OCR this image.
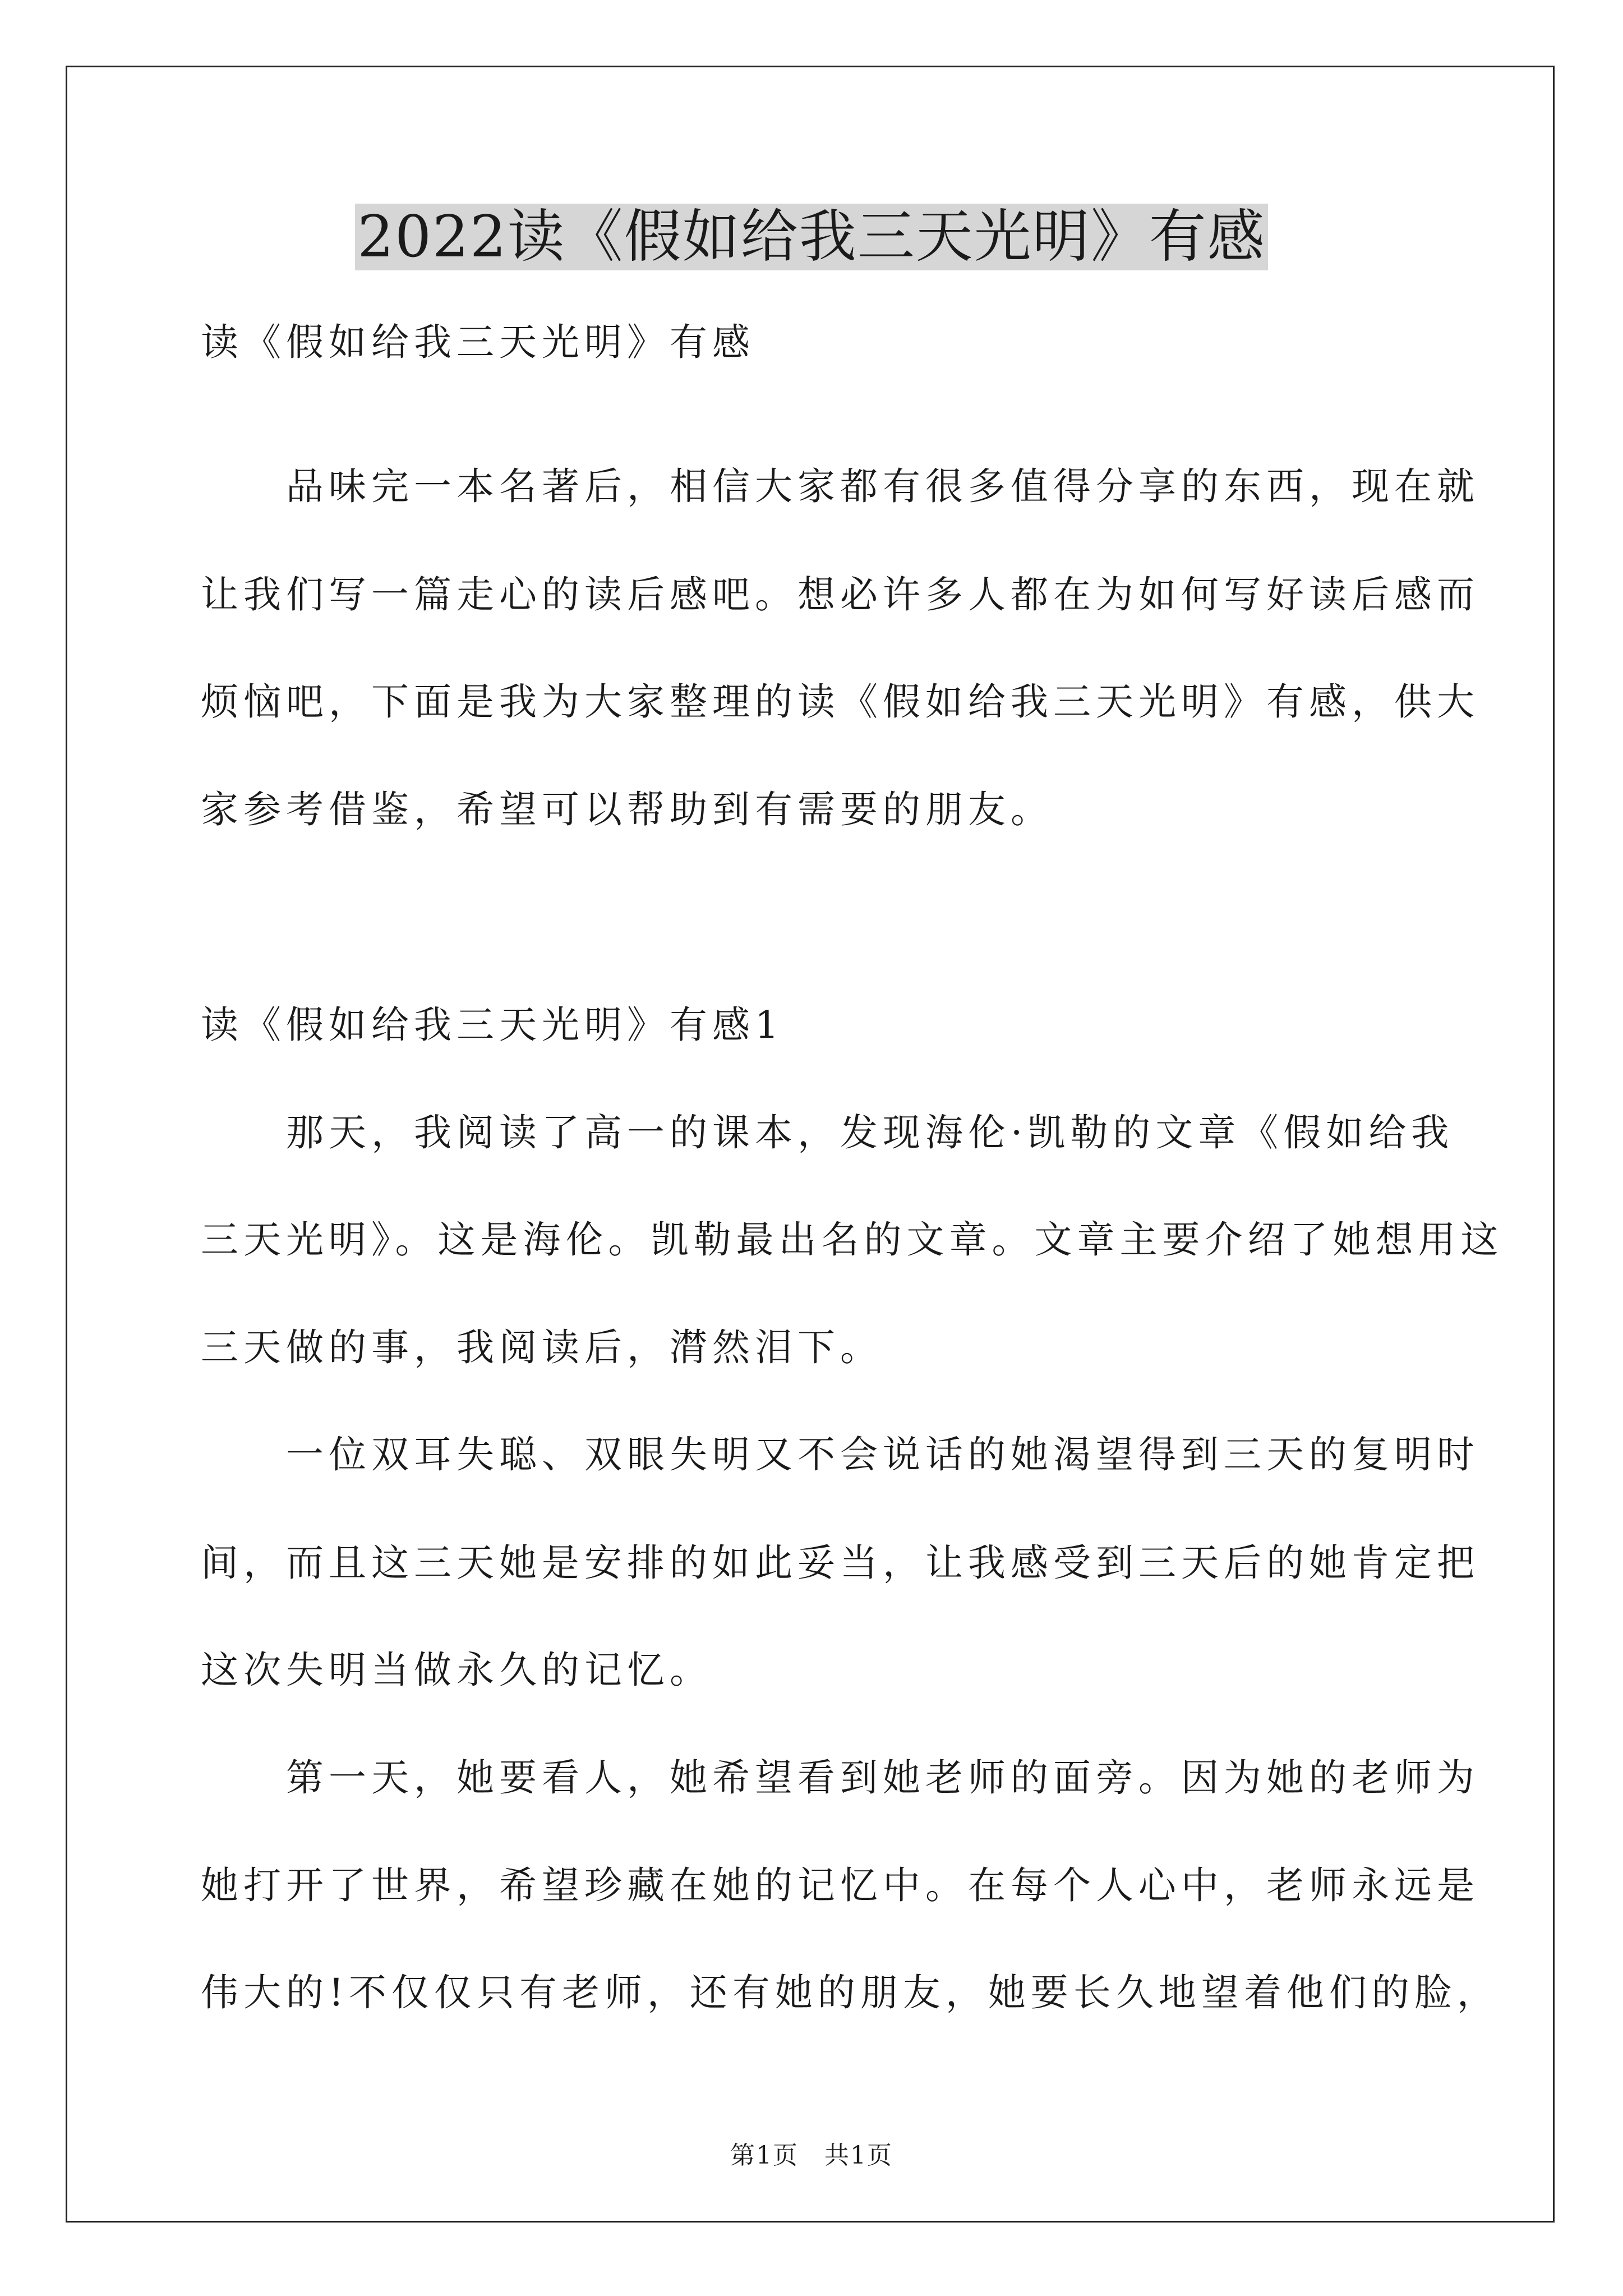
2022读《假如给我三天光明》有感
读《假如给我三天光明》有感
　　品味完一本名著后，相信大家都有很多值得分享的东西，现在就
让我们写一篇走心的读后感吧。想必许多人都在为如何写好读后感而
烦恼吧，下面是我为大家整理的读《假如给我三天光明》有感，供大
家参考借鉴，希望可以帮助到有需要的朋友。
读《假如给我三天光明》有感1
　　那天，我阅读了高一的课本，发现海伦·凯勒的文章《假如给我
三天光明》。这是海伦。凯勒最出名的文章。文章主要介绍了她想用这
三天做的事，我阅读后，潸然泪下。
　　一位双耳失聪、双眼失明又不会说话的她渴望得到三天的复明时
间，而且这三天她是安排的如此妥当，让我感受到三天后的她肯定把
这次失明当做永久的记忆。
　　第一天，她要看人，她希望看到她老师的面旁。因为她的老师为
她打开了世界，希望珍藏在她的记忆中。在每个人心中，老师永远是
伟大的!不仅仅只有老师，还有她的朋友，她要长久地望着他们的脸，
第1页　共1页
